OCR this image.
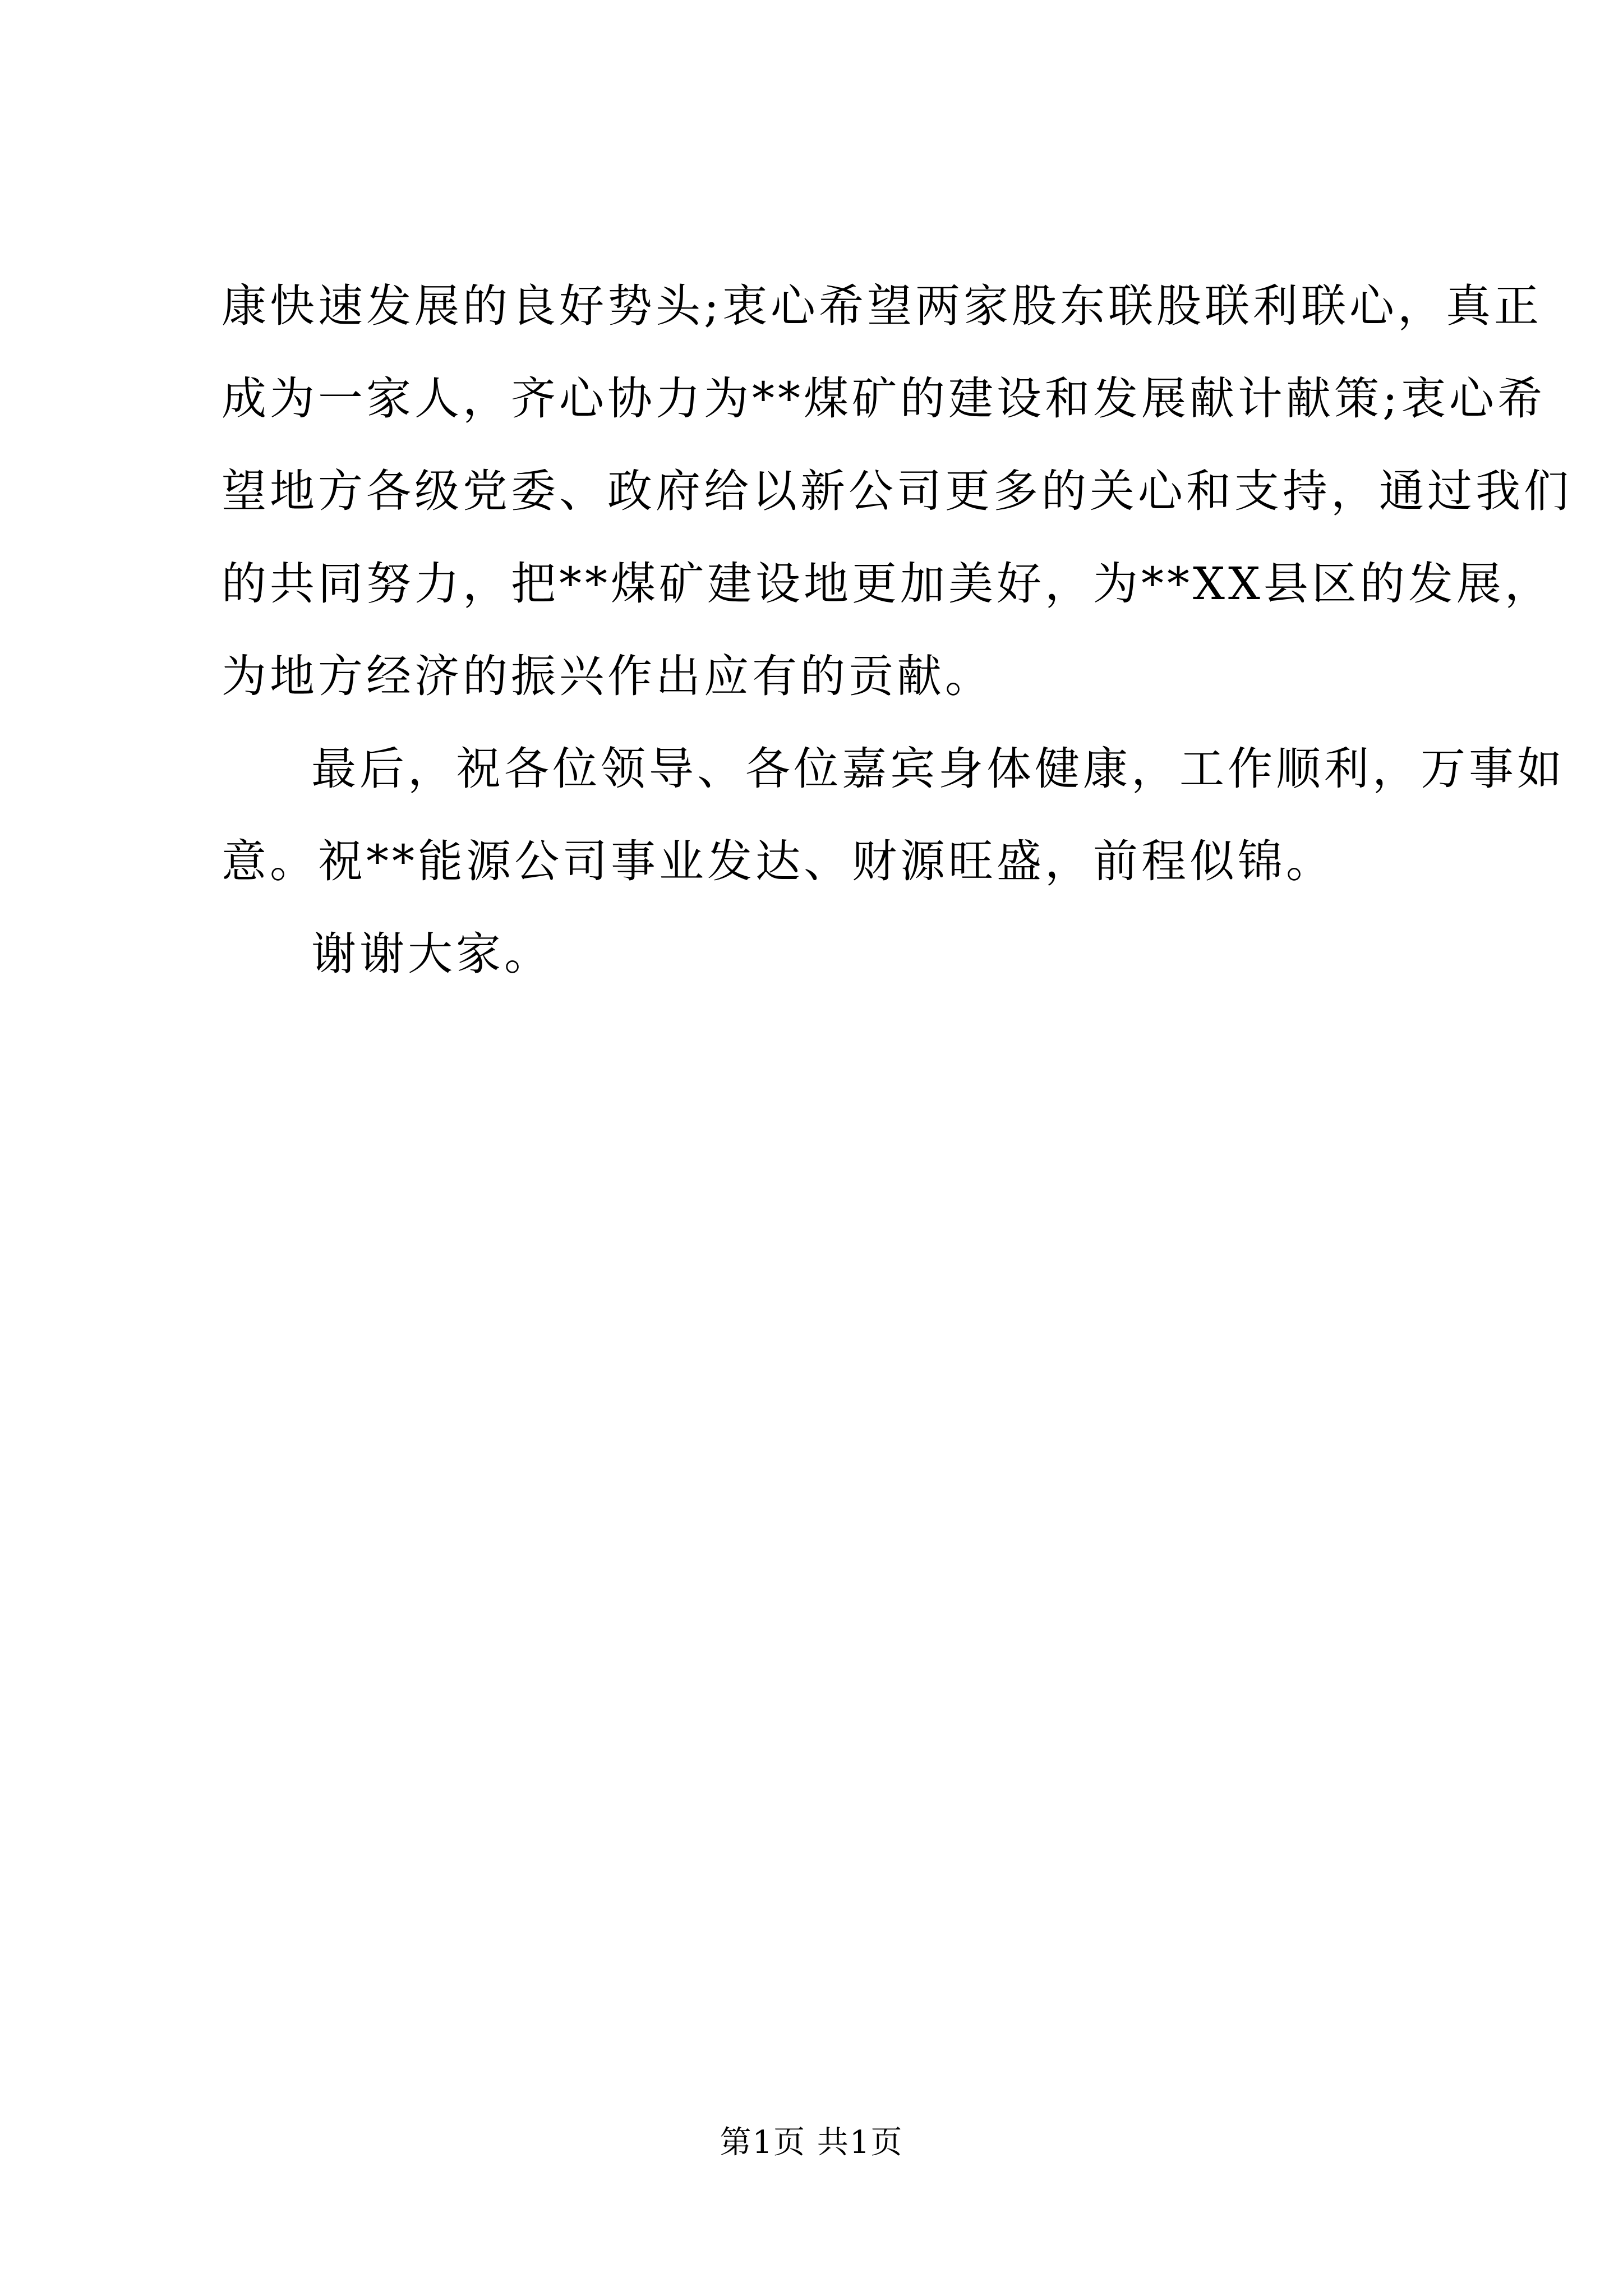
康快速发展的良好势头;衷心希望两家股东联股联利联心，真正
成为一家人，齐心协力为**煤矿的建设和发展献计献策;衷心希
望地方各级党委、政府给以新公司更多的关心和支持，通过我们
的共同努力，把**煤矿建设地更加美好，为**XX县区的发展，
为地方经济的振兴作出应有的贡献。
最后，祝各位领导、各位嘉宾身体健康，工作顺利，万事如
意。祝**能源公司事业发达、财源旺盛，前程似锦。
谢谢大家。
第1页 共1页
